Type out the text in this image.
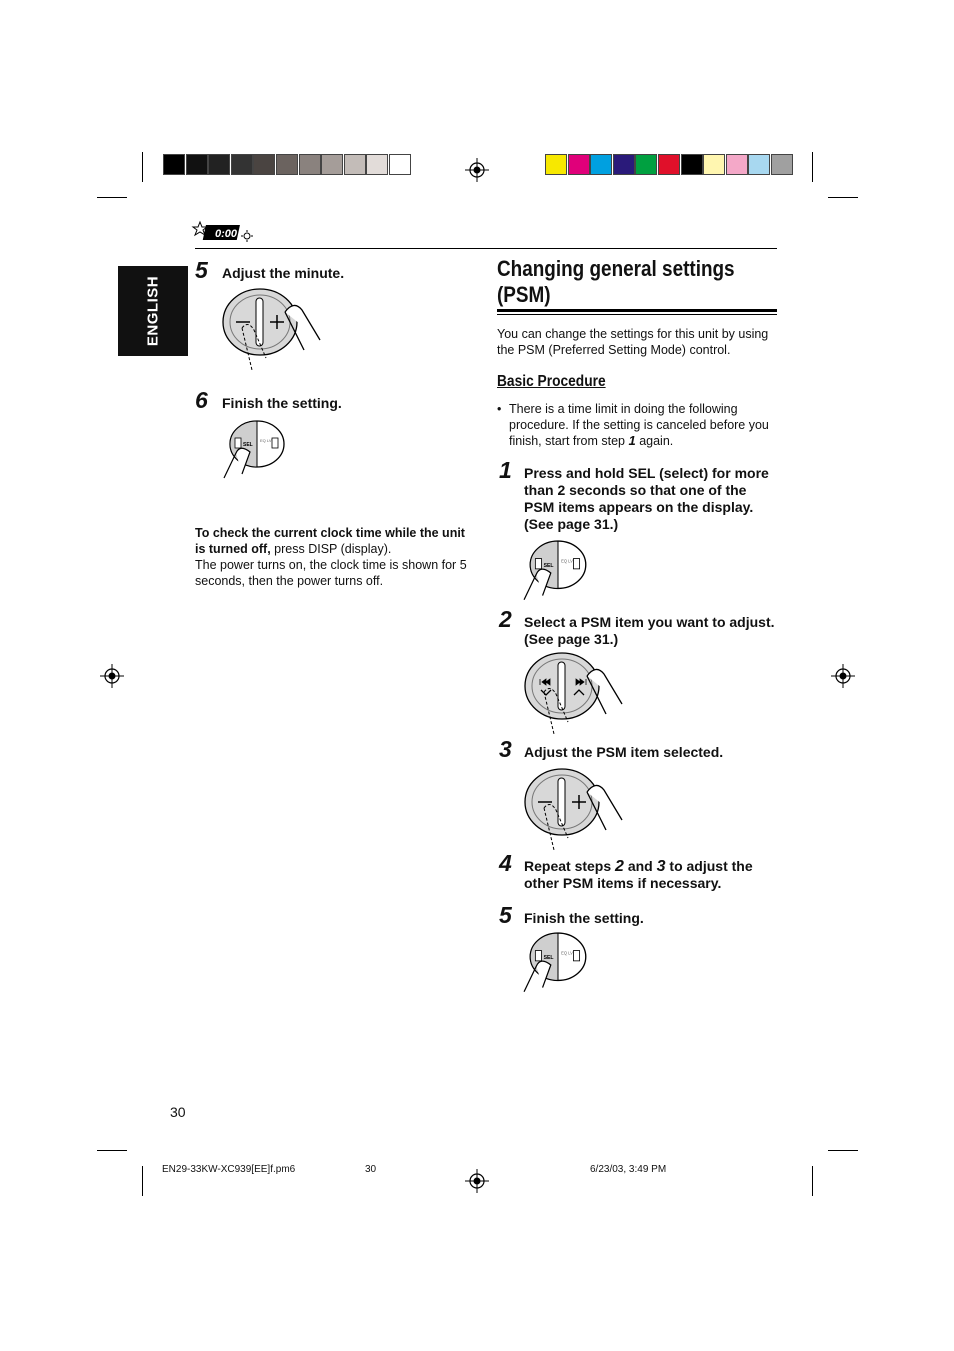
0:00
ENGLISH
5 Adjust the minute.
6 Finish the setting.
SEL
EQ LV
To check the current clock time while the unit is turned off, press DISP (display).
The power turns on, the clock time is shown for 5 seconds, then the power turns off.
Changing general settings (PSM)
You can change the settings for this unit by using the PSM (Preferred Setting Mode) control.
Basic Procedure
• There is a time limit in doing the following procedure. If the setting is canceled before you finish, start from step 1 again.
1 Press and hold SEL (select) for more than 2 seconds so that one of the PSM items appears on the display. (See page 31.)
SEL
EQ LV
2 Select a PSM item you want to adjust. (See page 31.)
3 Adjust the PSM item selected.
4 Repeat steps 2 and 3 to adjust the other PSM items if necessary.
5 Finish the setting.
SEL
EQ LV
30
EN29-33KW-XC939[EE]f.pm6	30	6/23/03, 3:49 PM
